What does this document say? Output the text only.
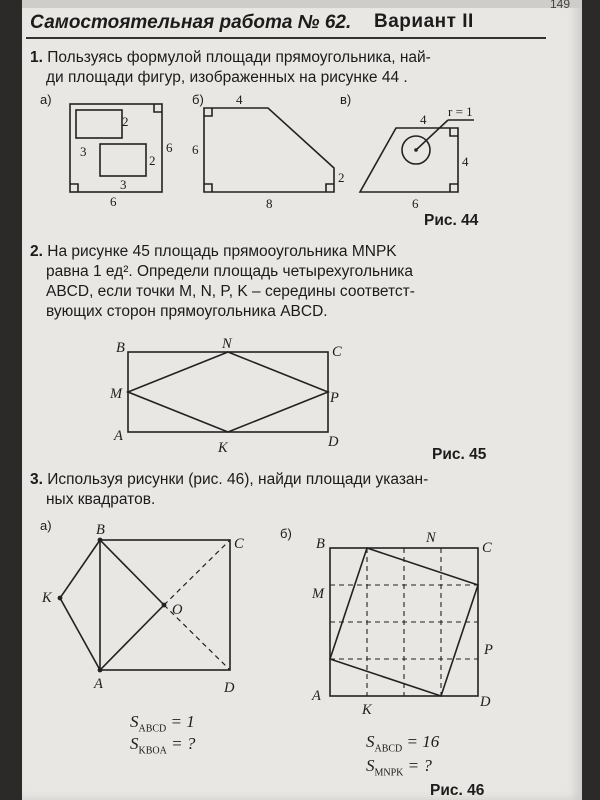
149
Самостоятельная работа № 62. Вариант II
1. Пользуясь формулой площади прямоугольника, най-
ди площади фигур, изображенных на рисунке 44 .
а)	б)	в)
2
3
2
6
3
6
4
6
2
8
r = 1
4
4
6
B	N	C
M	P
A
K	D
B
C
K
O
A	D
B	N
C
M
P
A
K	D
Рис. 44
2. На рисунке 45 площадь прямооугольника MNPK
равна 1 ед². Определи площадь четырехугольника
ABCD, если точки M, N, P, K – середины соответст-
вующих сторон прямоугольника ABCD.
Рис. 45
3. Используя рисунки (рис. 46), найди площади указан-
ных квадратов.
а)
б)
$S_{ABCD} = 1$
$S_{KBOA}$ = ?	$S_{ABCD} = 16$
$S_{MNPK}$ = ?
Рис. 46
